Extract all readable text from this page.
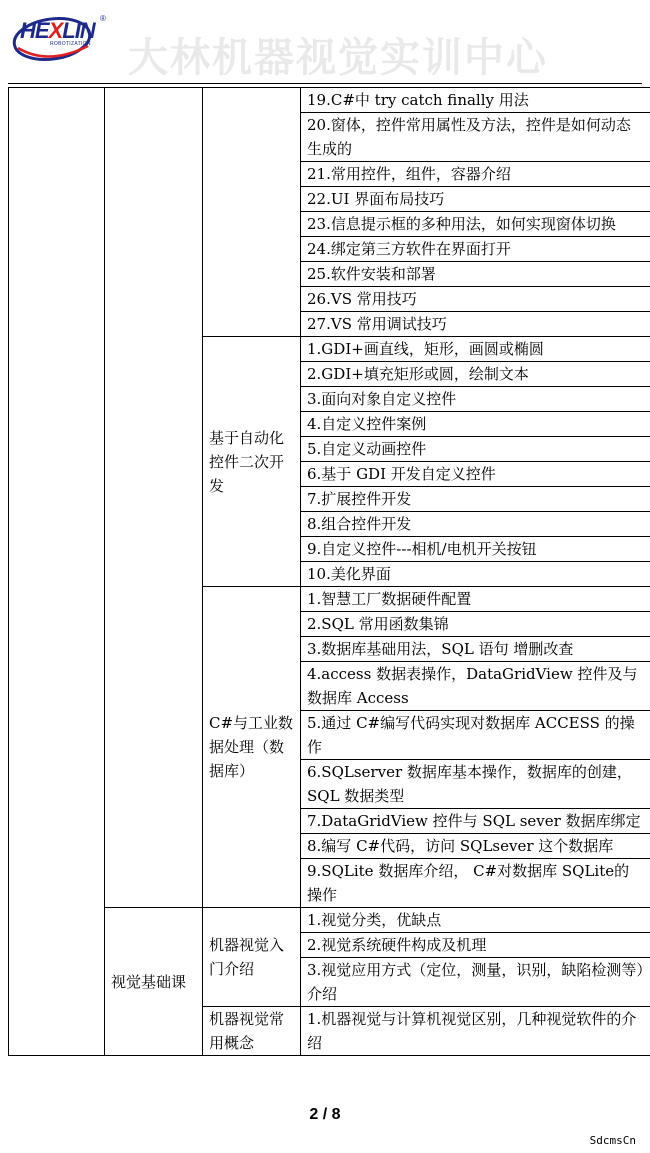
®
HEXLIN
ROBOTIZATION 大林机器视觉实训中心
			19.C#中 try catch finally 用法
			20.窗体，控件常用属性及方法，控件是如何动态生成的
			21.常用控件，组件，容器介绍
			22.UI 界面布局技巧
			23.信息提示框的多种用法，如何实现窗体切换
			24.绑定第三方软件在界面打开
			25.软件安装和部署
			26.VS 常用技巧
			27.VS 常用调试技巧
		基于自动化控件二次开发	1.GDI+画直线，矩形，画圆或椭圆
			2.GDI+填充矩形或圆，绘制文本
			3.面向对象自定义控件
			4.自定义控件案例
			5.自定义动画控件
			6.基于 GDI 开发自定义控件
			7.扩展控件开发
			8.组合控件开发
			9.自定义控件---相机/电机开关按钮
			10.美化界面
		C#与工业数据处理（数据库）	1.智慧工厂数据硬件配置
			2.SQL 常用函数集锦
			3.数据库基础用法，SQL 语句 增删改查
			4.access 数据表操作，DataGridView 控件及与数据库 Access
			5.通过 C#编写代码实现对数据库 ACCESS 的操作
			6.SQLserver 数据库基本操作，数据库的创建，SQL 数据类型
			7.DataGridView 控件与 SQL sever 数据库绑定
			8.编写 C#代码，访问 SQLsever 这个数据库
			9.SQLite 数据库介绍， C#对数据库 SQLite的操作
	视觉基础课	机器视觉入门介绍	1.视觉分类，优缺点
			2.视觉系统硬件构成及机理
			3.视觉应用方式（定位，测量，识别，缺陷检测等）介绍
		机器视觉常用概念	1.机器视觉与计算机视觉区别，几种视觉软件的介绍
2 / 8
SdcmsCn
